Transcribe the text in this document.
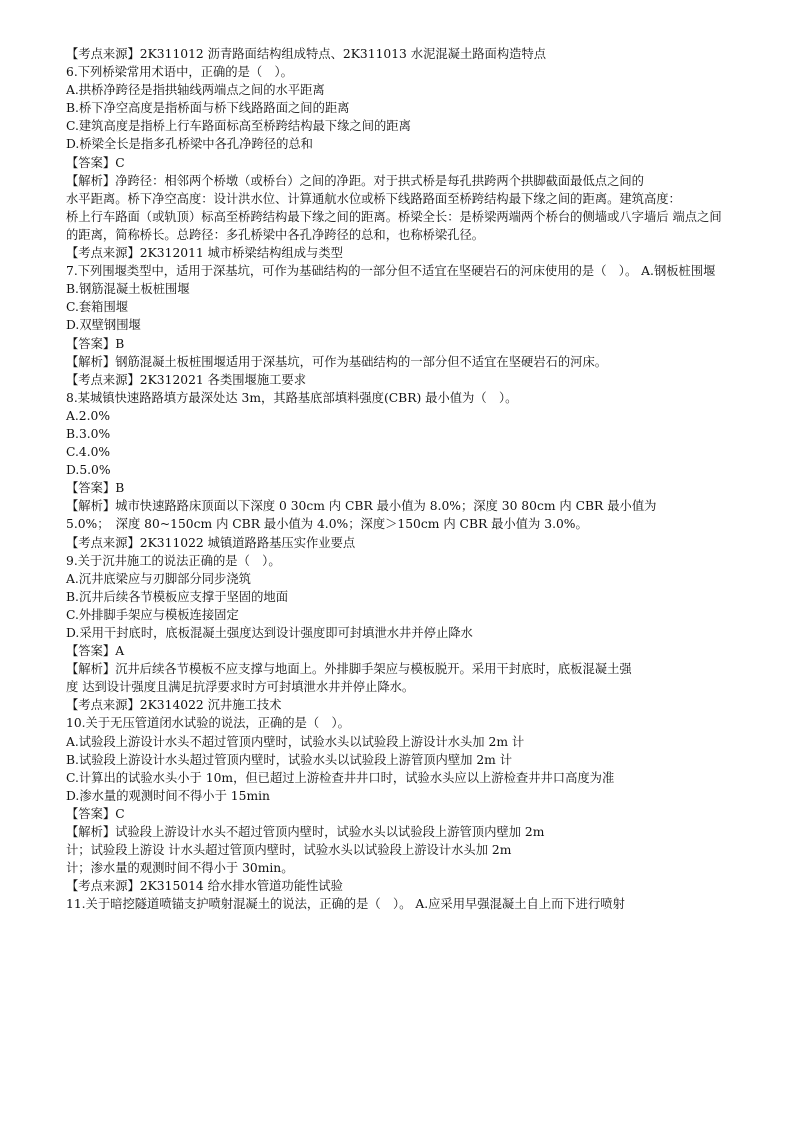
【考点来源】2K311012 沥青路面结构组成特点、2K311013 水泥混凝土路面构造特点
6.下列桥梁常用术语中，正确的是（　）。
A.拱桥净跨径是指拱轴线两端点之间的水平距离
B.桥下净空高度是指桥面与桥下线路路面之间的距离
C.建筑高度是指桥上行车路面标高至桥跨结构最下缘之间的距离
D.桥梁全长是指多孔桥梁中各孔净跨径的总和
【答案】C
【解析】净跨径：相邻两个桥墩（或桥台）之间的净距。对于拱式桥是每孔拱跨两个拱脚截面最低点之间的
水平距离。桥下净空高度：设计洪水位、计算通航水位或桥下线路路面至桥跨结构最下缘之间的距离。建筑高度：
桥上行车路面（或轨顶）标高至桥跨结构最下缘之间的距离。桥梁全长：是桥梁两端两个桥台的侧墙或八字墙后 端点之间的距离，简称桥长。总跨径：多孔桥梁中各孔净跨径的总和，也称桥梁孔径。
【考点来源】2K312011 城市桥梁结构组成与类型
7.下列围堰类型中，适用于深基坑，可作为基础结构的一部分但不适宜在坚硬岩石的河床使用的是（　）。 A.钢板桩围堰
B.钢筋混凝土板桩围堰
C.套箱围堰
D.双壁钢围堰
【答案】B
【解析】钢筋混凝土板桩围堰适用于深基坑，可作为基础结构的一部分但不适宜在坚硬岩石的河床。
【考点来源】2K312021 各类围堰施工要求
8.某城镇快速路路填方最深处达 3m，其路基底部填料强度(CBR) 最小值为（　）。
A.2.0%
B.3.0%
C.4.0%
D.5.0%
【答案】B
【解析】城市快速路路床顶面以下深度 0 30cm 内 CBR 最小值为 8.0%；深度 30 80cm 内 CBR 最小值为
5.0%；　深度 80~150cm 内 CBR 最小值为 4.0%；深度＞150cm 内 CBR 最小值为 3.0%。
【考点来源】2K311022 城镇道路路基压实作业要点
9.关于沉井施工的说法正确的是（　）。
A.沉井底梁应与刃脚部分同步浇筑
B.沉井后续各节模板应支撑于坚固的地面
C.外排脚手架应与模板连接固定
D.采用干封底时，底板混凝土强度达到设计强度即可封填泄水井并停止降水
【答案】A
【解析】沉井后续各节模板不应支撑与地面上。外排脚手架应与模板脱开。采用干封底时，底板混凝土强
度 达到设计强度且满足抗浮要求时方可封填泄水井并停止降水。
【考点来源】2K314022 沉井施工技术
10.关于无压管道闭水试验的说法，正确的是（　）。
A.试验段上游设计水头不超过管顶内壁时，试验水头以试验段上游设计水头加 2m 计
B.试验段上游设计水头超过管顶内壁时，试验水头以试验段上游管顶内壁加 2m 计
C.计算出的试验水头小于 10m，但已超过上游检查井井口时，试验水头应以上游检查井井口高度为准
D.渗水量的观测时间不得小于 15min
【答案】C
【解析】试验段上游设计水头不超过管顶内壁时，试验水头以试验段上游管顶内壁加 2m
计；试验段上游设 计水头超过管顶内壁时，试验水头以试验段上游设计水头加 2m
计；渗水量的观测时间不得小于 30min。
【考点来源】2K315014 给水排水管道功能性试验
11.关于暗挖隧道喷锚支护喷射混凝土的说法，正确的是（　）。 A.应采用早强混凝土自上而下进行喷射
